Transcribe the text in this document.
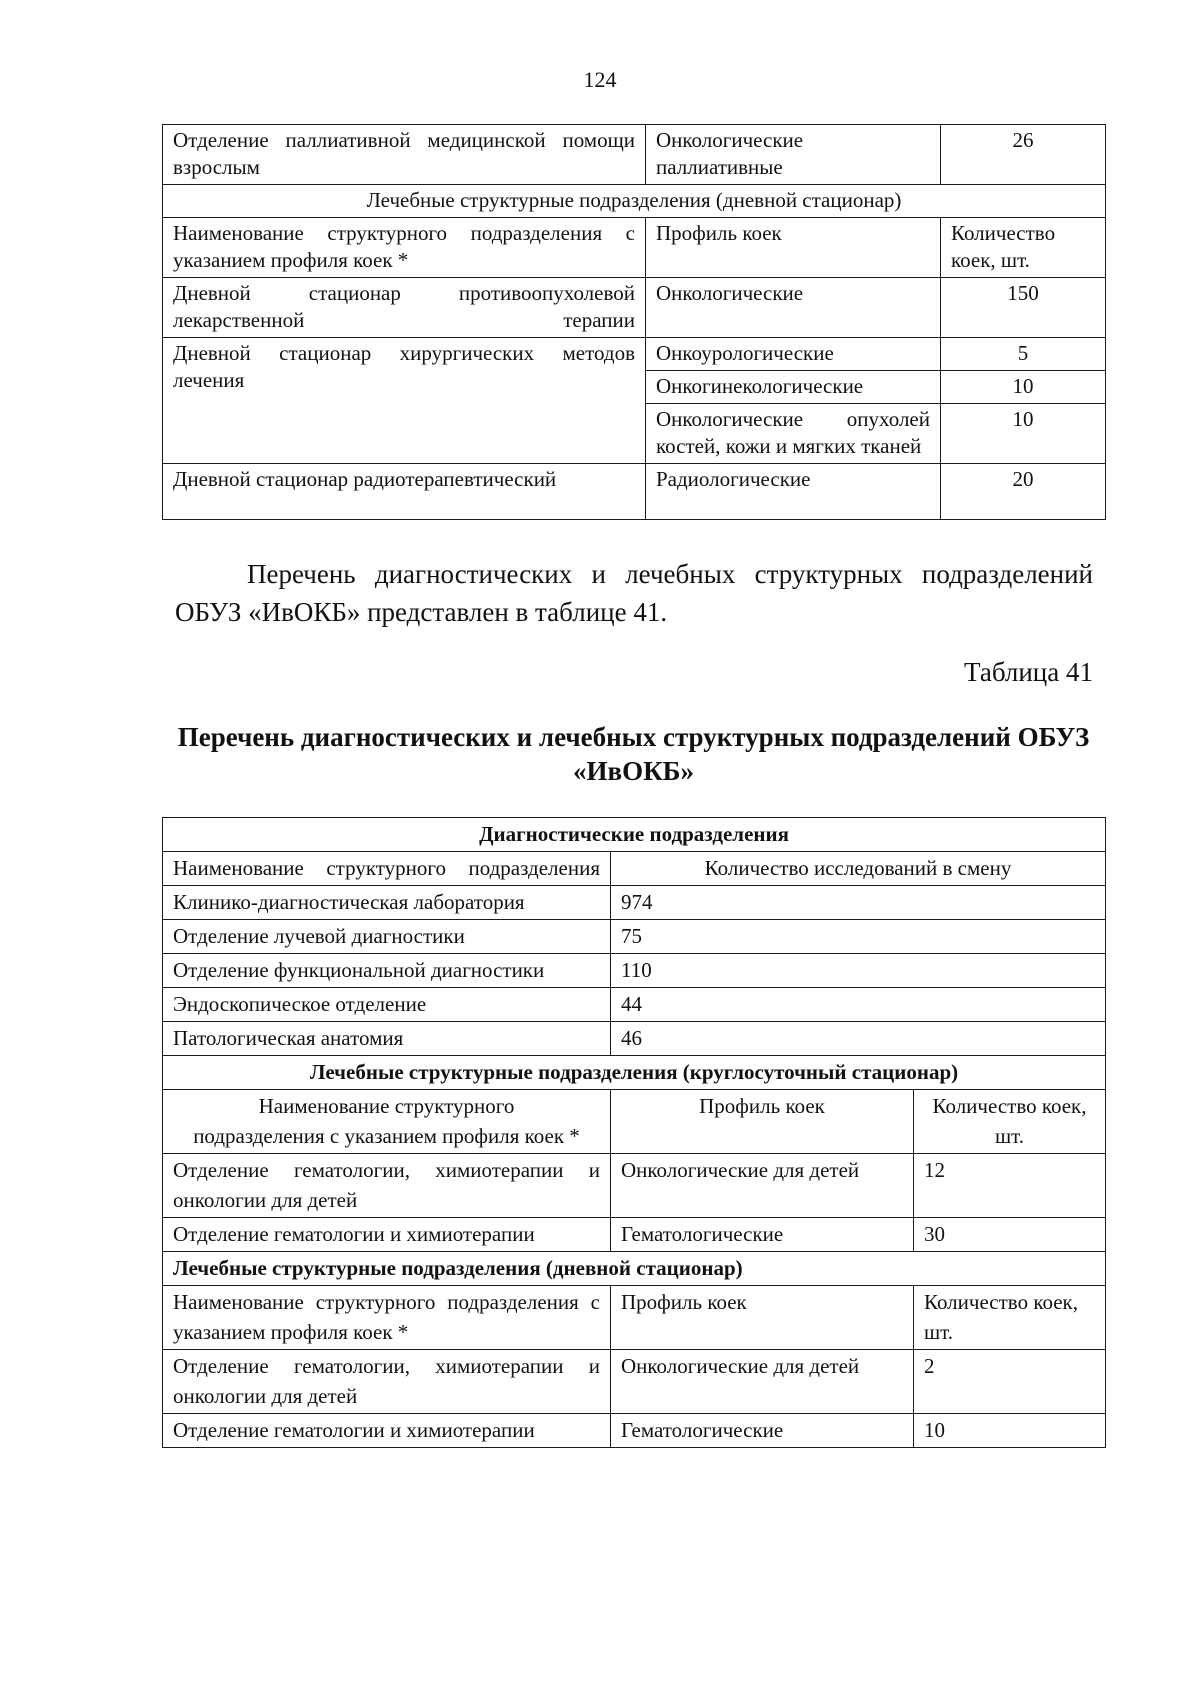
124
Отделение паллиативной медицинской помощи взрослым	Онкологические паллиативные	26
Лечебные структурные подразделения (дневной стационар)		
Наименование структурного подразделения с указанием профиля коек *	Профиль коек	Количество коек, шт.
Дневной стационар противоопухолевой лекарственной терапии	Онкологические	150
Дневной стационар хирургических методов лечения	Онкоурологические	5
	Онкогинекологические	10
	Онкологические опухолей костей, кожи и мягких тканей	10
Дневной стационар радиотерапевтический	Радиологические	20

Перечень диагностических и лечебных структурных подразделений ОБУЗ «ИвОКБ» представлен в таблице 41.

Таблица 41
Перечень диагностических и лечебных структурных подразделений ОБУЗ «ИвОКБ»
Диагностические подразделения		
Наименование структурного подразделения	Количество исследований в смену	
Клинико-диагностическая лаборатория	974	
Отделение лучевой диагностики	75	
Отделение функциональной диагностики	110	
Эндоскопическое отделение	44	
Патологическая анатомия	46	
Лечебные структурные подразделения (круглосуточный стационар)		
Наименование структурного подразделения с указанием профиля коек *	Профиль коек	Количество коек, шт.
Отделение гематологии, химиотерапии и онкологии для детей	Онкологические для детей	12
Отделение гематологии и химиотерапии	Гематологические	30
Лечебные структурные подразделения (дневной стационар)		
Наименование структурного подразделения с указанием профиля коек *	Профиль коек	Количество коек, шт.
Отделение гематологии, химиотерапии и онкологии для детей	Онкологические для детей	2
Отделение гематологии и химиотерапии	Гематологические	10
